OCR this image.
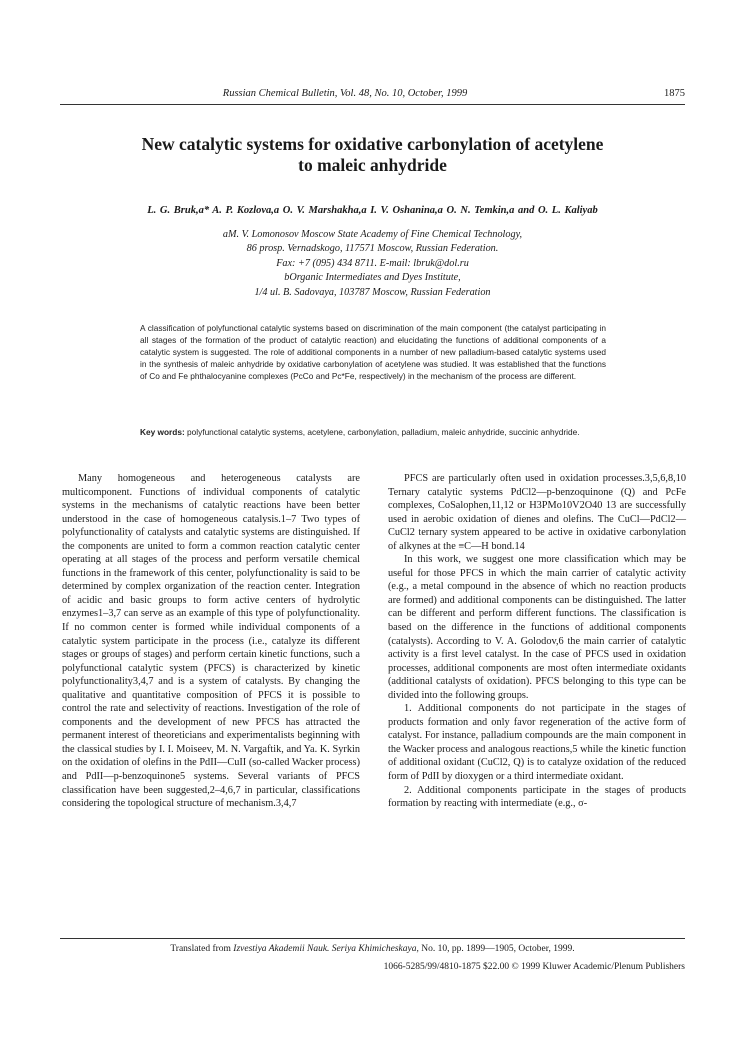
Russian Chemical Bulletin, Vol. 48, No. 10, October, 1999	1875
New catalytic systems for oxidative carbonylation of acetylene
to maleic anhydride
L. G. Bruk,a* A. P. Kozlova,a O. V. Marshakha,a I. V. Oshanina,a O. N. Temkin,a and O. L. Kaliyab
aM. V. Lomonosov Moscow State Academy of Fine Chemical Technology,
86 prosp. Vernadskogo, 117571 Moscow, Russian Federation.
Fax: +7 (095) 434 8711. E-mail: lbruk@dol.ru
bOrganic Intermediates and Dyes Institute,
1/4 ul. B. Sadovaya, 103787 Moscow, Russian Federation
A classification of polyfunctional catalytic systems based on discrimination of the main component (the catalyst participating in all stages of the formation of the product of catalytic reaction) and elucidating the functions of additional components of a catalytic system is suggested. The role of additional components in a number of new palladium-based catalytic systems used in the synthesis of maleic anhydride by oxidative carbonylation of acetylene was studied. It was established that the functions of Co and Fe phthalocyanine complexes (PcCo and Pc*Fe, respectively) in the mechanism of the process are different.
Key words: polyfunctional catalytic systems, acetylene, carbonylation, palladium, maleic anhydride, succinic anhydride.

Many homogeneous and heterogeneous catalysts are multicomponent. Functions of individual components of catalytic systems in the mechanisms of catalytic reactions have been better understood in the case of homogeneous catalysis.1–7 Two types of polyfunctionality of catalysts and catalytic systems are distinguished. If the components are united to form a common reaction catalytic center operating at all stages of the process and perform versatile chemical functions in the framework of this center, polyfunctionality is said to be determined by complex organization of the reaction center. Integration of acidic and basic groups to form active centers of hydrolytic enzymes1–3,7 can serve as an example of this type of polyfunctionality. If no common center is formed while individual components of a catalytic system participate in the process (i.e., catalyze its different stages or groups of stages) and perform certain kinetic functions, such a polyfunctional catalytic system (PFCS) is characterized by kinetic polyfunctionality3,4,7 and is a system of catalysts. By changing the qualitative and quantitative composition of PFCS it is possible to control the rate and selectivity of reactions. Investigation of the role of components and the development of new PFCS has attracted the permanent interest of theoreticians and experimentalists beginning with the classical studies by I. I. Moiseev, M. N. Vargaftik, and Ya. K. Syrkin on the oxidation of olefins in the PdII—CuII (so-called Wacker process) and PdII—p-benzoquinone5 systems. Several variants of PFCS classification have been suggested,2–4,6,7 in particular, classifications considering the topological structure of mechanism.3,4,7

PFCS are particularly often used in oxidation processes.3,5,6,8,10 Ternary catalytic systems PdCl2—p-benzoquinone (Q) and PcFe complexes, CoSalophen,11,12 or H3PMo10V2O40 13 are successfully used in aerobic oxidation of dienes and olefins. The CuCl—PdCl2—CuCl2 ternary system appeared to be active in oxidative carbonylation of alkynes at the ≡C—H bond.14

In this work, we suggest one more classification which may be useful for those PFCS in which the main carrier of catalytic activity (e.g., a metal compound in the absence of which no reaction products are formed) and additional components can be distinguished. The latter can be different and perform different functions. The classification is based on the difference in the functions of additional components (catalysts). According to V. A. Golodov,6 the main carrier of catalytic activity is a first level catalyst. In the case of PFCS used in oxidation processes, additional components are most often intermediate oxidants (additional catalysts of oxidation). PFCS belonging to this type can be divided into the following groups.

1. Additional components do not participate in the stages of products formation and only favor regeneration of the active form of catalyst. For instance, palladium compounds are the main component in the Wacker process and analogous reactions,5 while the kinetic function of additional oxidant (CuCl2, Q) is to catalyze oxidation of the reduced form of PdII by dioxygen or a third intermediate oxidant.

2. Additional components participate in the stages of products formation by reacting with intermediate (e.g., σ-

Translated from Izvestiya Akademii Nauk. Seriya Khimicheskaya, No. 10, pp. 1899—1905, October, 1999.
1066-5285/99/4810-1875 $22.00 © 1999 Kluwer Academic/Plenum Publishers
